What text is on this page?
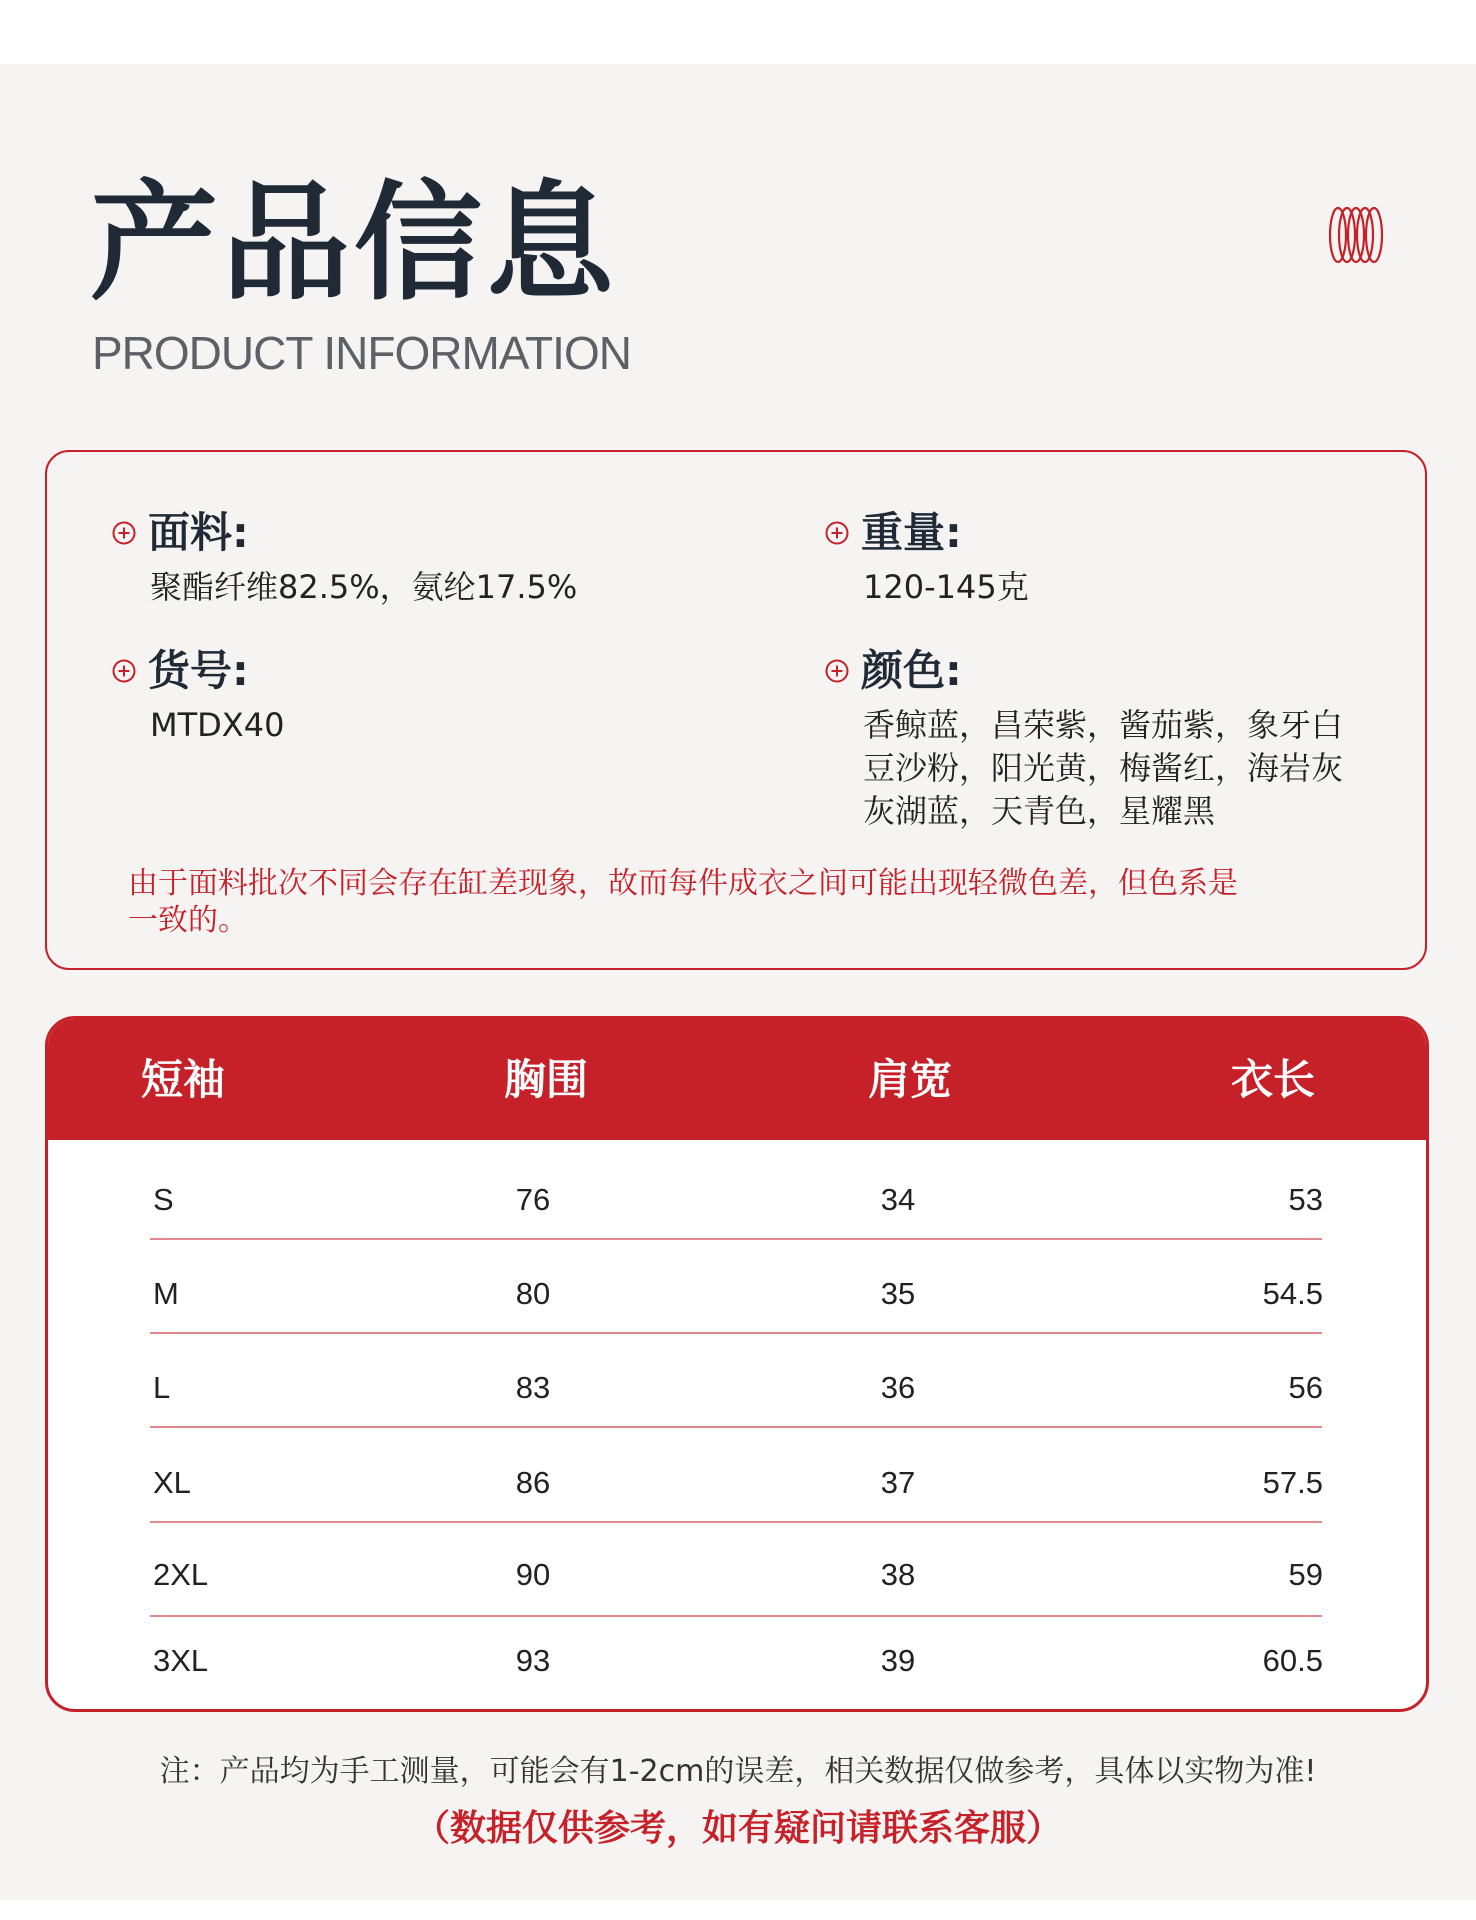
产品信息
PRODUCT INFORMATION
面料:
聚酯纤维82.5%，氨纶17.5%
重量:
120-145克
货号:
MTDX40
颜色:
香鲸蓝，昌荣紫，酱茄紫，象牙白
豆沙粉，阳光黄，梅酱红，海岩灰
灰湖蓝，天青色，星耀黑
由于面料批次不同会存在缸差现象，故而每件成衣之间可能出现轻微色差，但色系是
一致的。
短袖	胸围	肩宽	衣长
S	76	34	53
M	80	35	54.5
L	83	36	56
XL	86	37	57.5
2XL	90	38	59
3XL	93	39	60.5
注：产品均为手工测量，可能会有1-2cm的误差，相关数据仅做参考，具体以实物为准!
（数据仅供参考，如有疑问请联系客服）
